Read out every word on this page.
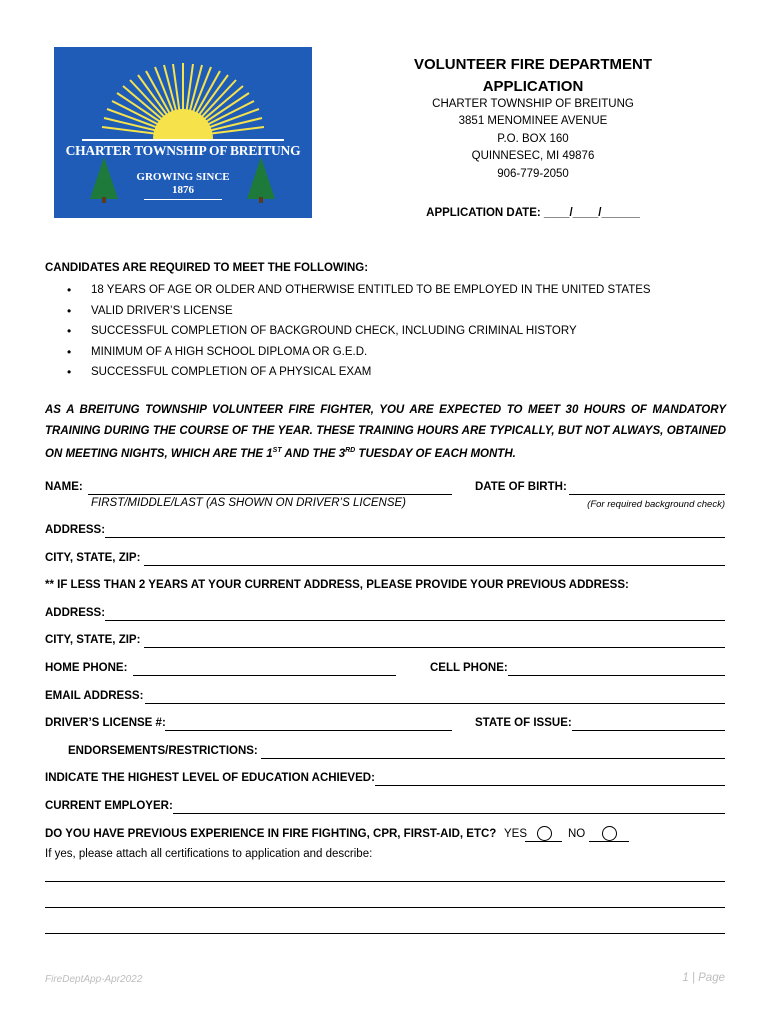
CHARTER TOWNSHIP OF BREITUNG
GROWING SINCE
1876
VOLUNTEER FIRE DEPARTMENT
APPLICATION
CHARTER TOWNSHIP OF BREITUNG
3851 MENOMINEE AVENUE
P.O. BOX 160
QUINNESEC, MI 49876
906-779-2050
APPLICATION DATE: ____/____/______
CANDIDATES ARE REQUIRED TO MEET THE FOLLOWING:
• 18 YEARS OF AGE OR OLDER AND OTHERWISE ENTITLED TO BE EMPLOYED IN THE UNITED STATES
• VALID DRIVER’S LICENSE
• SUCCESSFUL COMPLETION OF BACKGROUND CHECK, INCLUDING CRIMINAL HISTORY
• MINIMUM OF A HIGH SCHOOL DIPLOMA OR G.E.D.
• SUCCESSFUL COMPLETION OF A PHYSICAL EXAM
AS A BREITUNG TOWNSHIP VOLUNTEER FIRE FIGHTER, YOU ARE EXPECTED TO MEET 30 HOURS OF MANDATORY TRAINING DURING THE COURSE OF THE YEAR. THESE TRAINING HOURS ARE TYPICALLY, BUT NOT ALWAYS, OBTAINED ON MEETING NIGHTS, WHICH ARE THE 1ST AND THE 3RD TUESDAY OF EACH MONTH.
NAME:
FIRST/MIDDLE/LAST (AS SHOWN ON DRIVER’S LICENSE)
DATE OF BIRTH:
(For required background check)
ADDRESS:
CITY, STATE, ZIP:
** IF LESS THAN 2 YEARS AT YOUR CURRENT ADDRESS, PLEASE PROVIDE YOUR PREVIOUS ADDRESS:
ADDRESS:
CITY, STATE, ZIP:
HOME PHONE:	CELL PHONE:
EMAIL ADDRESS:
DRIVER’S LICENSE #:	STATE OF ISSUE:
ENDORSEMENTS/RESTRICTIONS:
INDICATE THE HIGHEST LEVEL OF EDUCATION ACHIEVED:
CURRENT EMPLOYER:
DO YOU HAVE PREVIOUS EXPERIENCE IN FIRE FIGHTING, CPR, FIRST-AID, ETC? YES	NO
If yes, please attach all certifications to application and describe:
FireDeptApp-Apr2022	1 | Page
